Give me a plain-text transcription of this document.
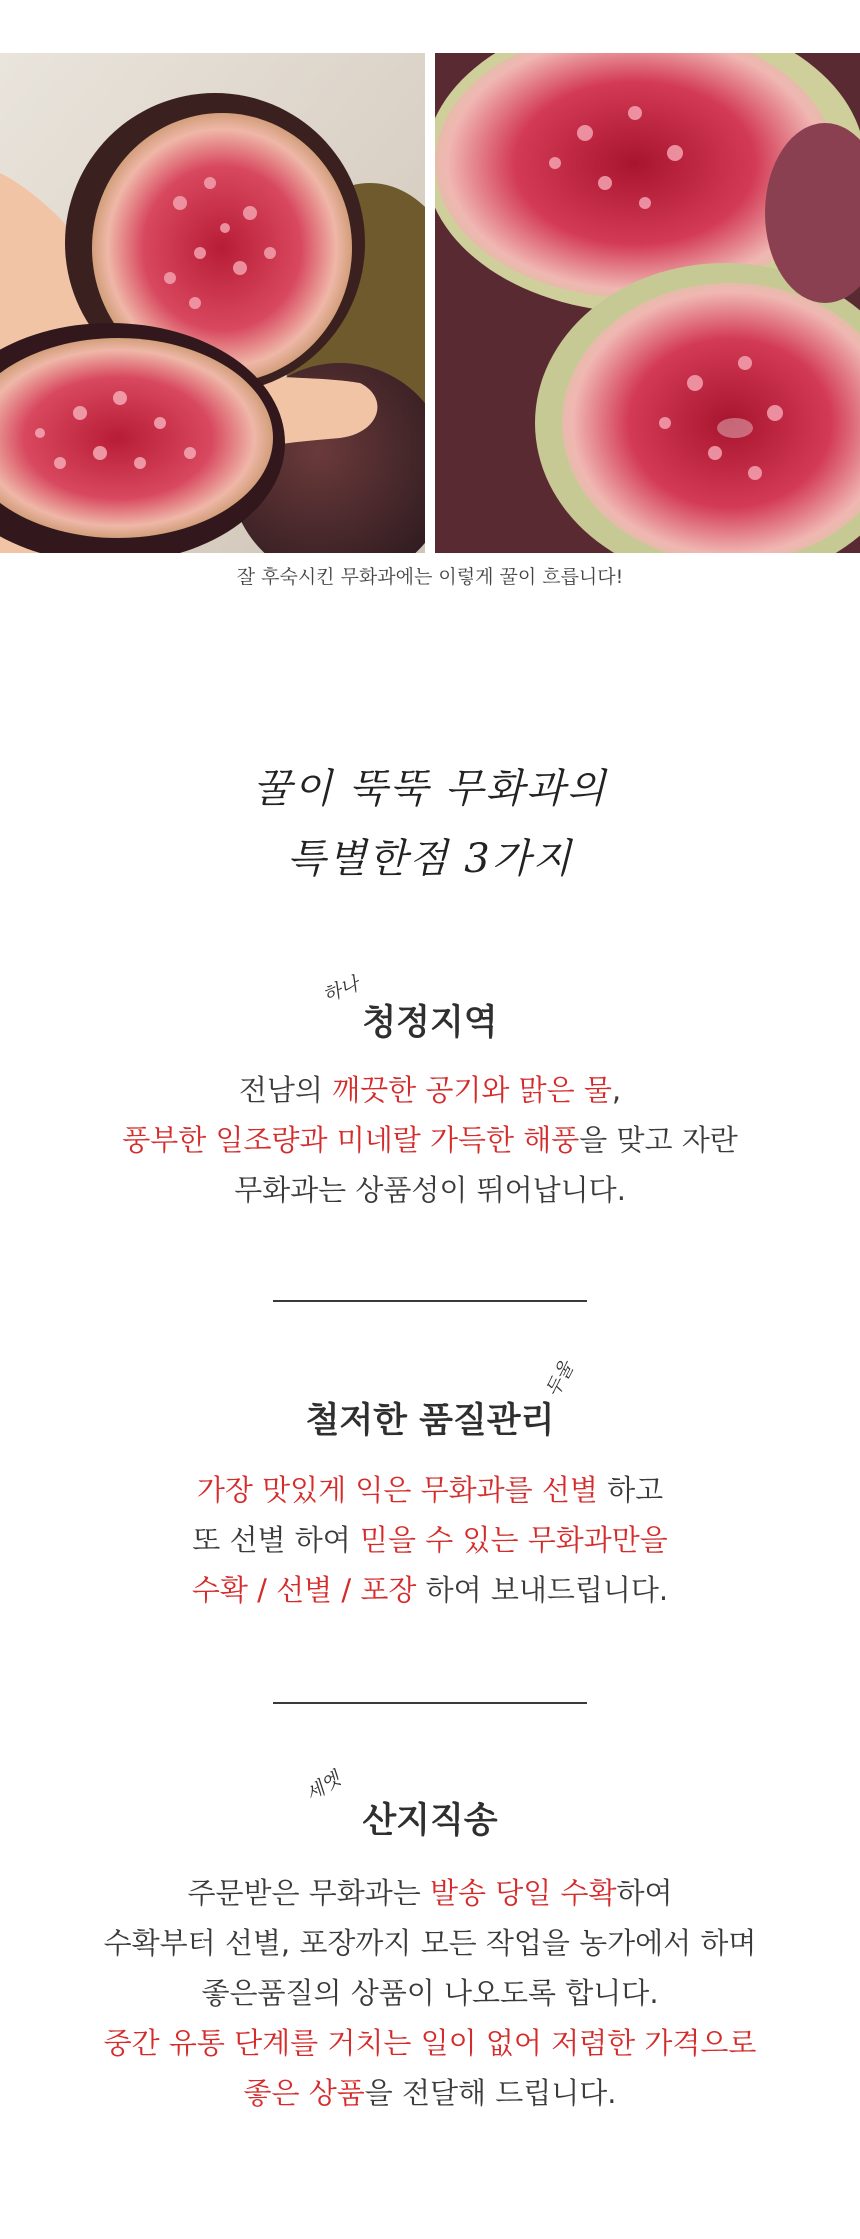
잘 후숙시킨 무화과에는 이렇게 꿀이 흐릅니다!
꿀이 뚝뚝 무화과의
특별한점 3가지
하나
청정지역
전남의 깨끗한 공기와 맑은 물,
풍부한 일조량과 미네랄 가득한 해풍을 맞고 자란
무화과는 상품성이 뛰어납니다.
두울
철저한 품질관리
가장 맛있게 익은 무화과를 선별 하고
또 선별 하여 믿을 수 있는 무화과만을
수확 / 선별 / 포장 하여 보내드립니다.
세엣
산지직송
주문받은 무화과는 발송 당일 수확하여
수확부터 선별, 포장까지 모든 작업을 농가에서 하며
좋은품질의 상품이 나오도록 합니다.
중간 유통 단계를 거치는 일이 없어 저렴한 가격으로
좋은 상품을 전달해 드립니다.
